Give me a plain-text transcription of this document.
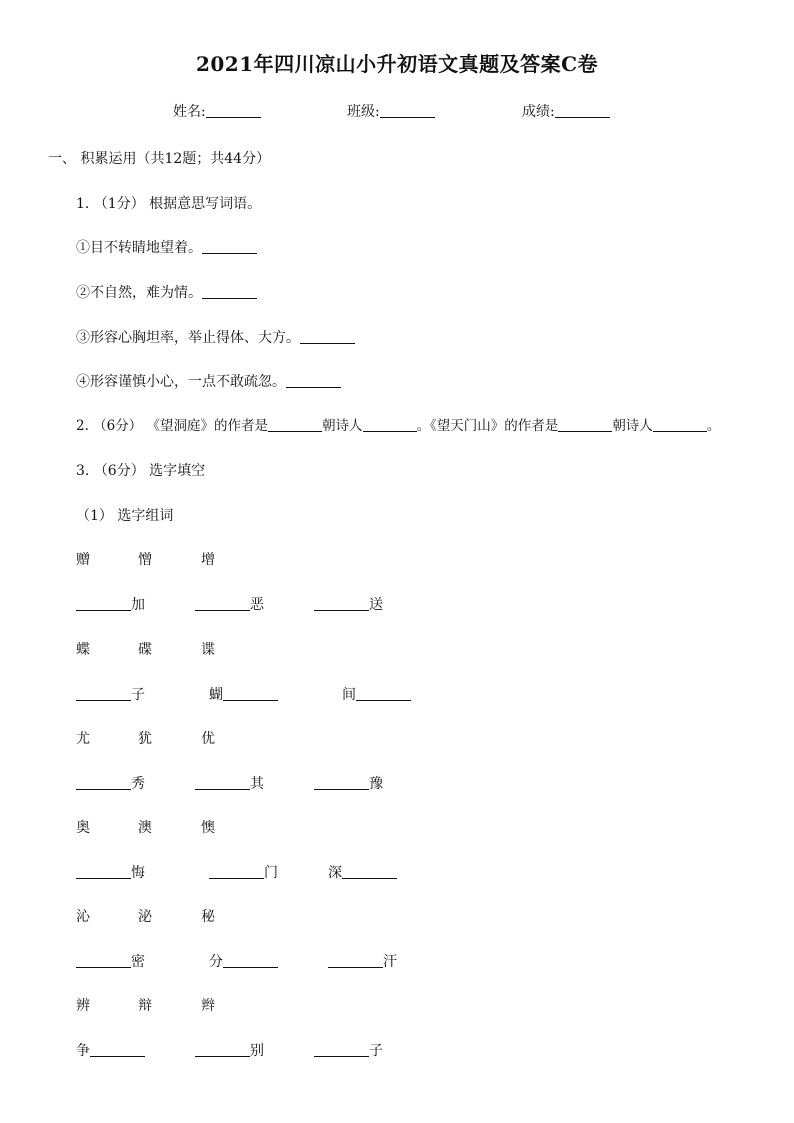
2021年四川凉山小升初语文真题及答案C卷
姓名:	班级:	成绩:
一、 积累运用（共12题；共44分）
1. （1分） 根据意思写词语。
①目不转睛地望着。
②不自然，难为情。
③形容心胸坦率，举止得体、大方。
④形容谨慎小心，一点不敢疏忽。
2. （6分） 《望洞庭》的作者是	朝诗人	。《望天门山》的作者是	朝诗人	。
3. （6分） 选字填空
（1） 选字组词
赠	憎	增
加	恶	送
蝶	碟	谍
子	蝴	间
尤	犹	优
秀	其	豫
奥	澳	懊
悔	门	深
沁	泌	秘
密	分	汗
辨	辩	辫
争	别	子
